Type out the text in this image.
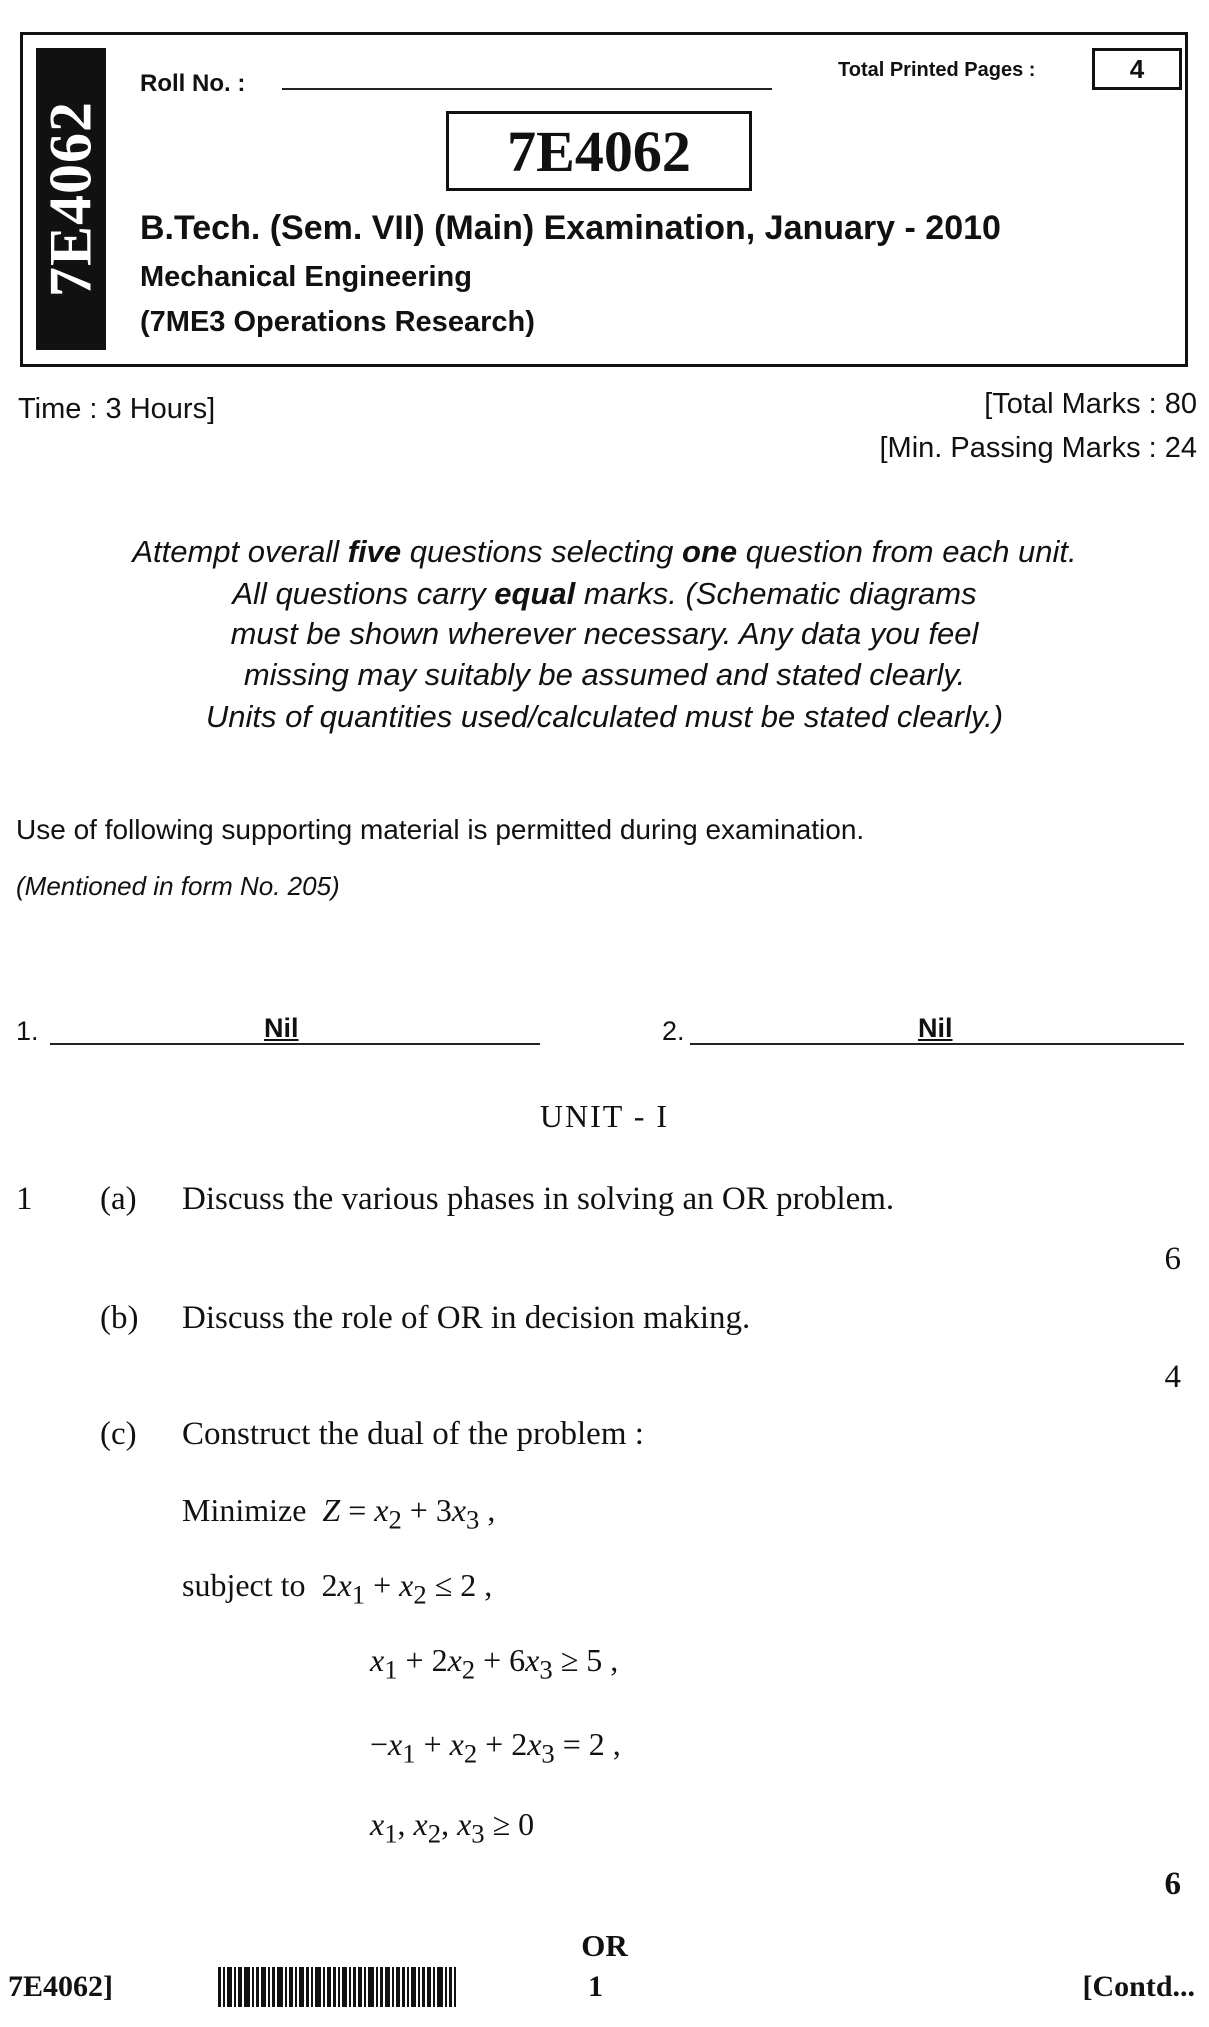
7E4062
Roll No. :	Total Printed Pages :	4
7E4062
B.Tech. (Sem. VII) (Main) Examination, January - 2010
Mechanical Engineering
(7ME3 Operations Research)
Time : 3 Hours]	[Total Marks : 80
[Min. Passing Marks : 24
Attempt overall five questions selecting one question from each unit.
All questions carry equal marks. (Schematic diagrams
must be shown wherever necessary. Any data you feel
missing may suitably be assumed and stated clearly.
Units of quantities used/calculated must be stated clearly.)
Use of following supporting material is permitted during examination.
(Mentioned in form No. 205)
1.	Nil	2.	Nil
UNIT - I
1 (a) Discuss the various phases in solving an OR problem.
6
(b) Discuss the role of OR in decision making.
4
(c) Construct the dual of the problem :
Minimize $Z = x_2 + 3x_3$ ,
subject to  $2x_1 + x_2 \le 2$ ,
$x_1 + 2x_2 + 6x_3 \ge 5$ ,
$-x_1 + x_2 + 2x_3 = 2$ ,
$x_1$, $x_2$, $x_3 \ge 0$
6
OR
7E4062]	1	[Contd...
